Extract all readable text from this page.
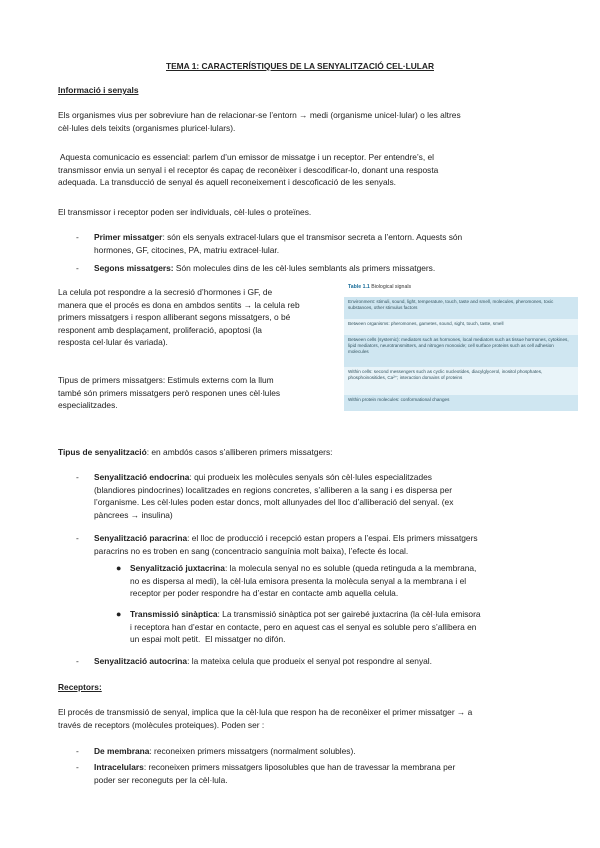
TEMA 1: CARACTERÍSTIQUES DE LA SENYALITZACIÓ CEL·LULAR
Informació i senyals
Els organismes vius per sobreviure han de relacionar-se l’entorn → medi (organisme unicel·lular) o les altres
cèl·lules dels teixits (organismes pluricel·lulars).
Aquesta comunicacio es essencial: parlem d’un emissor de missatge i un receptor. Per entendre’s, el
transmissor envia un senyal i el receptor és capaç de reconèixer i descodificar-lo, donant una resposta
adequada. La transducció de senyal és aquell reconeixement i descoficació de les senyals.
El transmissor i receptor poden ser individuals, cèl·lules o proteïnes.
- Primer missatger: són els senyals extracel·lulars que el transmisor secreta a l’entorn. Aquests són
hormones, GF, citocines, PA, matriu extracel·lular.
- Segons missatgers: Són molecules dins de les cèl·lules semblants als primers missatgers.
La celula pot respondre a la secresió d’hormones i GF, de
manera que el procés es dona en ambdos sentits → la celula reb
primers missatgers i respon alliberant segons missatgers, o bé
responent amb desplaçament, proliferació, apoptosi (la
resposta cel·lular és variada).
Tipus de primers missatgers: Estimuls externs com la llum
també són primers missatgers però responen unes cèl·lules
especialitzades.
Table 1.1 Biological signals
Environment: stimuli, sound, light, temperature, touch, taste and smell, molecules, pheromones, toxic substances, other stimulus factors
Between organisms: pheromones, gametes, sound, sight, touch, taste, smell
Between cells (systemic): mediators such as hormones, local mediators such as tissue hormones, cytokines, lipid mediators, neurotransmitters, and nitrogen monoxide; cell surface proteins such as cell adhesion molecules
Within cells: second messengers such as cyclic nucleotides, diacylglycerol, inositol phosphates, phosphoinositides, Ca²⁺; interaction domains of proteins
Within protein molecules: conformational changes
Tipus de senyalització: en ambdós casos s’alliberen primers missatgers:
- Senyalització endocrina: qui produeix les molècules senyals són cèl·lules especialitzades
(blandiores pindocrines) localitzades en regions concretes, s’alliberen a la sang i es dispersa per
l’organisme. Les cèl·lules poden estar doncs, molt allunyades del lloc d’alliberació del senyal. (ex
pàncrees → insulina)
- Senyalització paracrina: el lloc de producció i recepció estan propers a l’espai. Els primers missatgers
paracrins no es troben en sang (concentracio sanguínia molt baixa), l’efecte és local.
● Senyalització juxtacrina: la molecula senyal no es soluble (queda retinguda a la membrana,
no es dispersa al medi), la cèl·lula emisora presenta la molècula senyal a la membrana i el
receptor per poder respondre ha d’estar en contacte amb aquella celula.
● Transmissió sinàptica: La transmissió sinàptica pot ser gairebé juxtacrina (la cèl·lula emisora
i receptora han d’estar en contacte, pero en aquest cas el senyal es soluble pero s’allibera en
un espai molt petit.  El missatger no difón.
- Senyalització autocrina: la mateixa celula que produeix el senyal pot respondre al senyal.
Receptors:
El procés de transmissió de senyal, implica que la cèl·lula que respon ha de reconèixer el primer missatger → a
través de receptors (molècules proteiques). Poden ser :
- De membrana: reconeixen primers missatgers (normalment solubles).
- Intracelulars: reconeixen primers missatgers liposolubles que han de travessar la membrana per
poder ser reconeguts per la cèl·lula.
